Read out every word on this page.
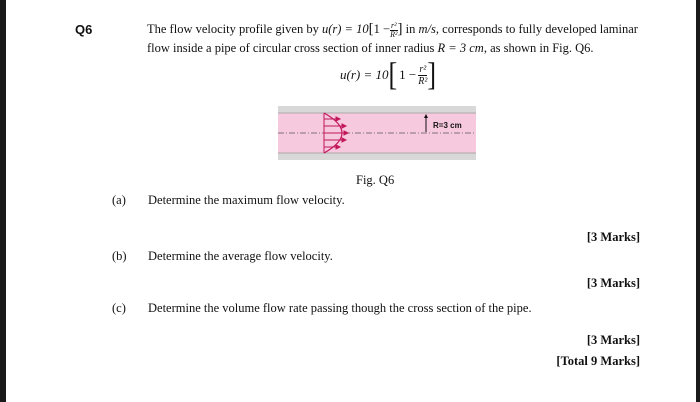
Q6	The flow velocity profile given by $u(r) = 10[1 - \frac{\text{r²}}{\text{R²}}$ ] in m/s, corresponds to fully developed laminar flow inside a pipe of circular cross section of inner radius R = 3 cm, as shown in Fig. Q6.
u(r) = 10 [ $1 - \frac{\text{r²}}{\text{R²}}$ ]
R=3 cm
Fig. Q6
(a) Determine the maximum flow velocity.
[3 Marks]
(b) Determine the average flow velocity.
[3 Marks]
(c) Determine the volume flow rate passing though the cross section of the pipe.
[3 Marks]
[Total 9 Marks]
